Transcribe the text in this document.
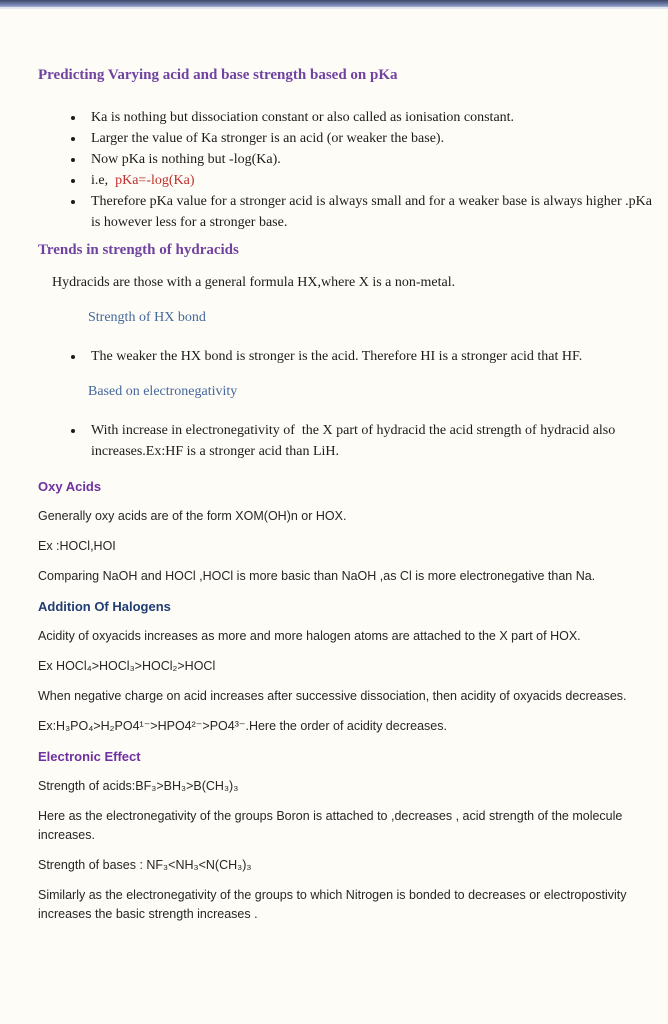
Predicting Varying acid and base strength based on pKa
• Ka is nothing but dissociation constant or also called as ionisation constant.
• Larger the value of Ka stronger is an acid (or weaker the base).
• Now pKa is nothing but -log(Ka).
• i.e,  pKa=-log(Ka)
• Therefore pKa value for a stronger acid is always small and for a weaker base is always higher .pKa is however less for a stronger base.
Trends in strength of hydracids

Hydracids are those with a general formula HX,where X is a non-metal.

Strength of HX bond

• The weaker the HX bond is stronger is the acid. Therefore HI is a stronger acid that HF.

Based on electronegativity

• With increase in electronegativity of  the X part of hydracid the acid strength of hydracid also increases.Ex:HF is a stronger acid than LiH.
Oxy Acids

Generally oxy acids are of the form XOM(OH)n or HOX.

Ex :HOCl,HOI

Comparing NaOH and HOCl ,HOCl is more basic than NaOH ,as Cl is more electronegative than Na.

Addition Of Halogens

Acidity of oxyacids increases as more and more halogen atoms are attached to the X part of HOX.

Ex HOCl₄>HOCl₃>HOCl₂>HOCl

When negative charge on acid increases after successive dissociation, then acidity of oxyacids decreases.

Ex:H₃PO₄>H₂PO4¹⁻>HPO4²⁻>PO4³⁻.Here the order of acidity decreases.

Electronic Effect

Strength of acids:BF₃>BH₃>B(CH₃)₃

Here as the electronegativity of the groups Boron is attached to ,decreases , acid strength of the molecule increases.

Strength of bases : NF₃<NH₃<N(CH₃)₃

Similarly as the electronegativity of the groups to which Nitrogen is bonded to decreases or electropostivity increases the basic strength increases .
